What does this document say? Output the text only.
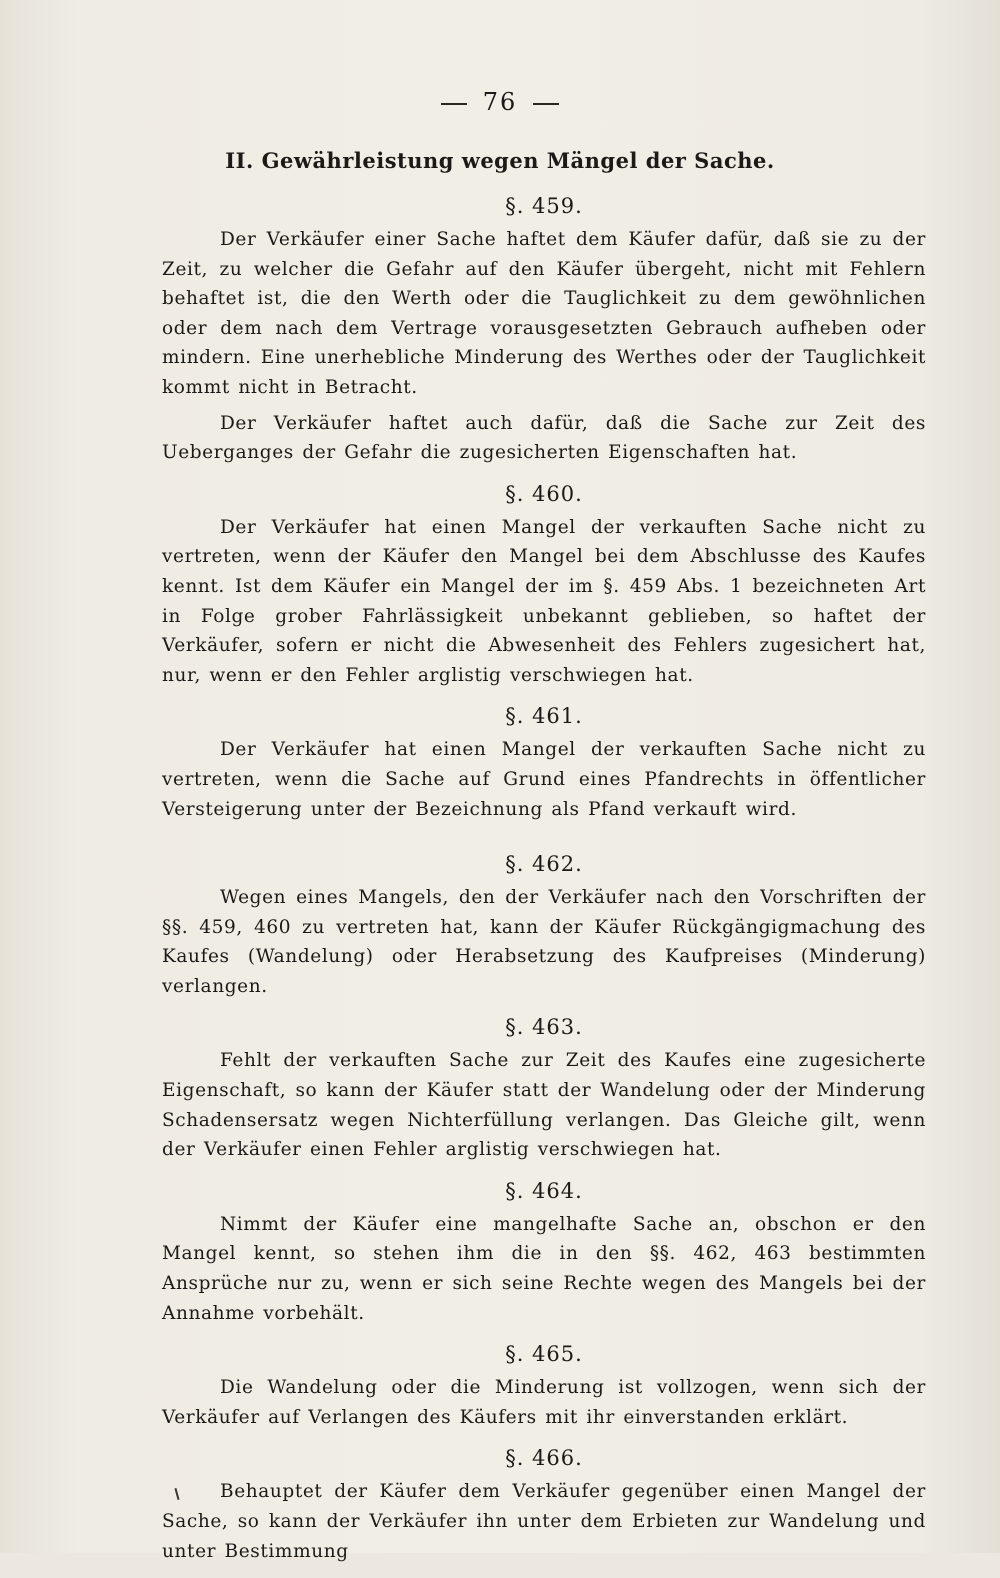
76
II. Gewährleistung wegen Mängel der Sache.
§. 459.

Der Verkäufer einer Sache haftet dem Käufer dafür, daß sie zu der Zeit, zu welcher die Gefahr auf den Käufer übergeht, nicht mit Fehlern behaftet ist, die den Werth oder die Tauglichkeit zu dem gewöhnlichen oder dem nach dem Vertrage vorausgesetzten Gebrauch aufheben oder mindern. Eine unerhebliche Minderung des Werthes oder der Tauglichkeit kommt nicht in Betracht.

Der Verkäufer haftet auch dafür, daß die Sache zur Zeit des Ueberganges der Gefahr die zugesicherten Eigenschaften hat.

§. 460.

Der Verkäufer hat einen Mangel der verkauften Sache nicht zu vertreten, wenn der Käufer den Mangel bei dem Abschlusse des Kaufes kennt. Ist dem Käufer ein Mangel der im §. 459 Abs. 1 bezeichneten Art in Folge grober Fahrlässigkeit unbekannt geblieben, so haftet der Verkäufer, sofern er nicht die Abwesenheit des Fehlers zugesichert hat, nur, wenn er den Fehler arglistig verschwiegen hat.

§. 461.

Der Verkäufer hat einen Mangel der verkauften Sache nicht zu vertreten, wenn die Sache auf Grund eines Pfandrechts in öffentlicher Versteigerung unter der Bezeichnung als Pfand verkauft wird.

§. 462.

Wegen eines Mangels, den der Verkäufer nach den Vorschriften der §§. 459, 460 zu vertreten hat, kann der Käufer Rückgängigmachung des Kaufes (Wandelung) oder Herabsetzung des Kaufpreises (Minderung) verlangen.

§. 463.

Fehlt der verkauften Sache zur Zeit des Kaufes eine zugesicherte Eigenschaft, so kann der Käufer statt der Wandelung oder der Minderung Schadensersatz wegen Nichterfüllung verlangen. Das Gleiche gilt, wenn der Verkäufer einen Fehler arglistig verschwiegen hat.

§. 464.

Nimmt der Käufer eine mangelhafte Sache an, obschon er den Mangel kennt, so stehen ihm die in den §§. 462, 463 bestimmten Ansprüche nur zu, wenn er sich seine Rechte wegen des Mangels bei der Annahme vorbehält.

§. 465.

Die Wandelung oder die Minderung ist vollzogen, wenn sich der Verkäufer auf Verlangen des Käufers mit ihr einverstanden erklärt.

§. 466.

Behauptet der Käufer dem Verkäufer gegenüber einen Mangel der Sache, so kann der Verkäufer ihn unter dem Erbieten zur Wandelung und unter Bestimmung
